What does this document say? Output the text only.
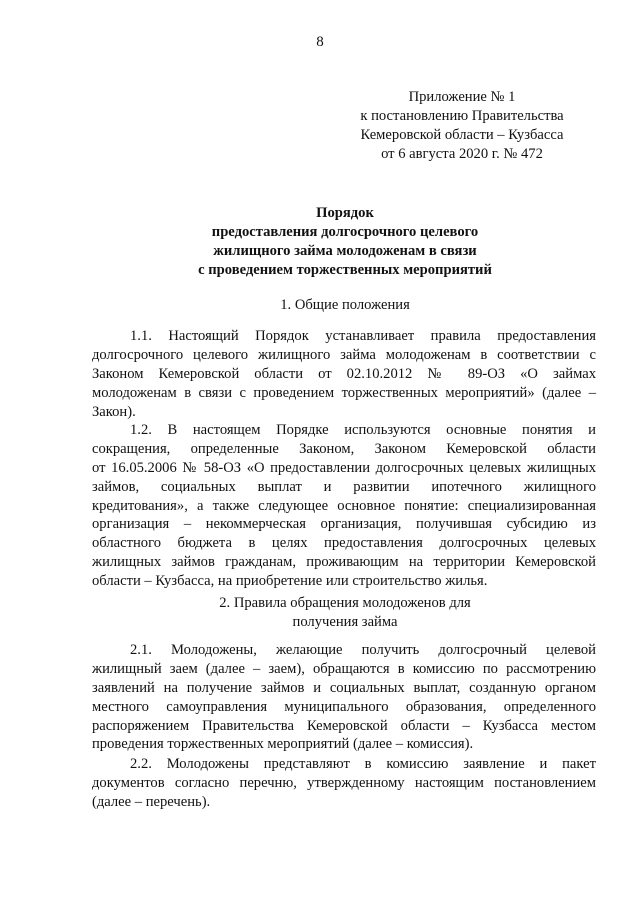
8
Приложение № 1
к постановлению Правительства
Кемеровской области – Кузбасса
от 6 августа 2020 г. № 472
Порядок
предоставления долгосрочного целевого
жилищного займа молодоженам в связи
с проведением торжественных мероприятий
1. Общие положения
1.1. Настоящий Порядок устанавливает правила предоставления
долгосрочного целевого жилищного займа молодоженам в соответствии с
Законом Кемеровской области от 02.10.2012 № 89-ОЗ «О займах
молодоженам в связи с проведением торжественных мероприятий» (далее –
Закон).
1.2. В настоящем Порядке используются основные понятия и
сокращения, определенные Законом, Законом Кемеровской области
от 16.05.2006 № 58-ОЗ «О предоставлении долгосрочных целевых жилищных
займов, социальных выплат и развитии ипотечного жилищного
кредитования», а также следующее основное понятие: специализированная
организация – некоммерческая организация, получившая субсидию из
областного бюджета в целях предоставления долгосрочных целевых
жилищных займов гражданам, проживающим на территории Кемеровской
области – Кузбасса, на приобретение или строительство жилья.
2. Правила обращения молодоженов для
получения займа
2.1. Молодожены, желающие получить долгосрочный целевой
жилищный заем (далее – заем), обращаются в комиссию по рассмотрению
заявлений на получение займов и социальных выплат, созданную органом
местного самоуправления муниципального образования, определенного
распоряжением Правительства Кемеровской области – Кузбасса местом
проведения торжественных мероприятий (далее – комиссия).
2.2. Молодожены представляют в комиссию заявление и пакет
документов согласно перечню, утвержденному настоящим постановлением
(далее – перечень).
